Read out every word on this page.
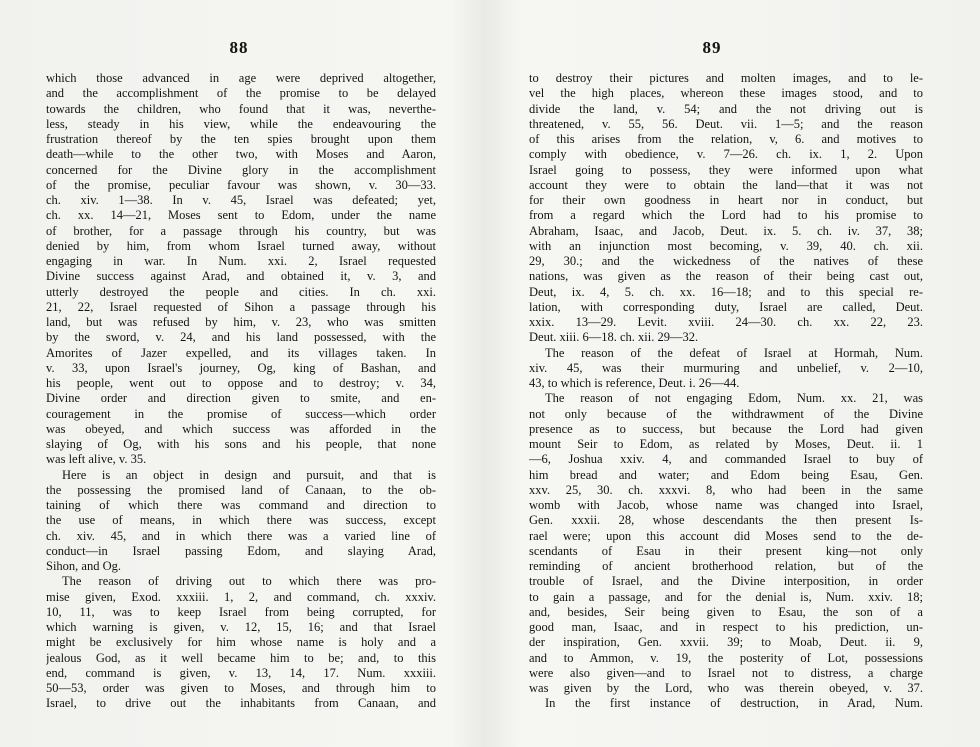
88
which those advanced in age were deprived altogether,
and the accomplishment of the promise to be delayed
towards the children, who found that it was, neverthe-
less, steady in his view, while the endeavouring the
frustration thereof by the ten spies brought upon them
death—while to the other two, with Moses and Aaron,
concerned for the Divine glory in the accomplishment
of the promise, peculiar favour was shown, v. 30—33.
ch. xiv. 1—38. In v. 45, Israel was defeated; yet,
ch. xx. 14—21, Moses sent to Edom, under the name
of brother, for a passage through his country, but was
denied by him, from whom Israel turned away, without
engaging in war. In Num. xxi. 2, Israel requested
Divine success against Arad, and obtained it, v. 3, and
utterly destroyed the people and cities. In ch. xxi.
21, 22, Israel requested of Sihon a passage through his
land, but was refused by him, v. 23, who was smitten
by the sword, v. 24, and his land possessed, with the
Amorites of Jazer expelled, and its villages taken. In
v. 33, upon Israel's journey, Og, king of Bashan, and
his people, went out to oppose and to destroy; v. 34,
Divine order and direction given to smite, and en-
couragement in the promise of success—which order
was obeyed, and which success was afforded in the
slaying of Og, with his sons and his people, that none
was left alive, v. 35.
Here is an object in design and pursuit, and that is
the possessing the promised land of Canaan, to the ob-
taining of which there was command and direction to
the use of means, in which there was success, except
ch. xiv. 45, and in which there was a varied line of
conduct—in Israel passing Edom, and slaying Arad,
Sihon, and Og.
The reason of driving out to which there was pro-
mise given, Exod. xxxiii. 1, 2, and command, ch. xxxiv.
10, 11, was to keep Israel from being corrupted, for
which warning is given, v. 12, 15, 16; and that Israel
might be exclusively for him whose name is holy and a
jealous God, as it well became him to be; and, to this
end, command is given, v. 13, 14, 17. Num. xxxiii.
50—53, order was given to Moses, and through him to
Israel, to drive out the inhabitants from Canaan, and
89
to destroy their pictures and molten images, and to le-
vel the high places, whereon these images stood, and to
divide the land, v. 54; and the not driving out is
threatened, v. 55, 56. Deut. vii. 1—5; and the reason
of this arises from the relation, v, 6. and motives to
comply with obedience, v. 7—26. ch. ix. 1, 2. Upon
Israel going to possess, they were informed upon what
account they were to obtain the land—that it was not
for their own goodness in heart nor in conduct, but
from a regard which the Lord had to his promise to
Abraham, Isaac, and Jacob, Deut. ix. 5. ch. iv. 37, 38;
with an injunction most becoming, v. 39, 40. ch. xii.
29, 30.; and the wickedness of the natives of these
nations, was given as the reason of their being cast out,
Deut, ix. 4, 5. ch. xx. 16—18; and to this special re-
lation, with corresponding duty, Israel are called, Deut.
xxix. 13—29. Levit. xviii. 24—30. ch. xx. 22, 23.
Deut. xiii. 6—18. ch. xii. 29—32.
The reason of the defeat of Israel at Hormah, Num.
xiv. 45, was their murmuring and unbelief, v. 2—10,
43, to which is reference, Deut. i. 26—44.
The reason of not engaging Edom, Num. xx. 21, was
not only because of the withdrawment of the Divine
presence as to success, but because the Lord had given
mount Seir to Edom, as related by Moses, Deut. ii. 1
—6, Joshua xxiv. 4, and commanded Israel to buy of
him bread and water; and Edom being Esau, Gen.
xxv. 25, 30. ch. xxxvi. 8, who had been in the same
womb with Jacob, whose name was changed into Israel,
Gen. xxxii. 28, whose descendants the then present Is-
rael were; upon this account did Moses send to the de-
scendants of Esau in their present king—not only
reminding of ancient brotherhood relation, but of the
trouble of Israel, and the Divine interposition, in order
to gain a passage, and for the denial is, Num. xxiv. 18;
and, besides, Seir being given to Esau, the son of a
good man, Isaac, and in respect to his prediction, un-
der inspiration, Gen. xxvii. 39; to Moab, Deut. ii. 9,
and to Ammon, v. 19, the posterity of Lot, possessions
were also given—and to Israel not to distress, a charge
was given by the Lord, who was therein obeyed, v. 37.
In the first instance of destruction, in Arad, Num.
